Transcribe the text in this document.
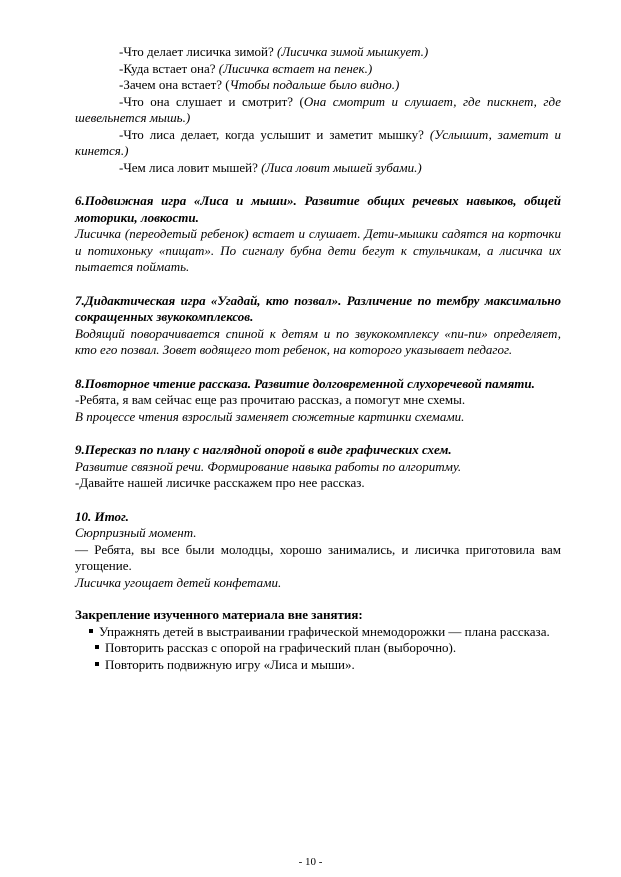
-Что делает лисичка зимой? (Лисичка зимой мышкует.)

-Куда встает она? (Лисичка встает на пенек.)

-Зачем она встает? (Чтобы подальше было видно.)

-Что она слушает и смотрит? (Она смотрит и слушает, где пискнет, где шевельнется мышь.)

-Что лиса делает, когда услышит и заметит мышку? (Услышит, заметит и кинется.)

-Чем лиса ловит мышей? (Лиса ловит мышей зубами.)

6.Подвижная игра «Лиса и мыши». Развитие общих речевых навыков, общей моторики, ловкости.

Лисичка (переодетый ребенок) встает и слушает. Дети-мышки садятся на корточки и потихоньку «пищат». По сигналу бубна дети бегут к стульчикам, а лисичка их пытается поймать.

7.Дидактическая игра «Угадай, кто позвал». Различение по тембру максимально сокращенных звукокомплексов.

Водящий поворачивается спиной к детям и по звукокомплексу «пи-пи» определяет, кто его позвал. Зовет водящего тот ребенок, на которого указывает педагог.

8.Повторное чтение рассказа. Развитие долговременной слухоречевой памяти.

-Ребята, я вам сейчас еще раз прочитаю рассказ, а помогут мне схемы.

В процессе чтения взрослый заменяет сюжетные картинки схемами.

9.Пересказ по плану с наглядной опорой в виде графических схем.

Развитие связной речи. Формирование навыка работы по алгоритму.

-Давайте нашей лисичке расскажем про нее рассказ.

10. Итог.

Сюрпризный момент.

— Ребята, вы все были молодцы, хорошо занимались, и лисичка приготовила вам угощение.

Лисичка угощает детей конфетами.

Закрепление изученного материала вне занятия:

Упражнять детей в выстраивании графической мнемодорожки — плана рассказа.

Повторить рассказ с опорой на графический план (выборочно).

Повторить подвижную игру «Лиса и мыши».

- 10 -
